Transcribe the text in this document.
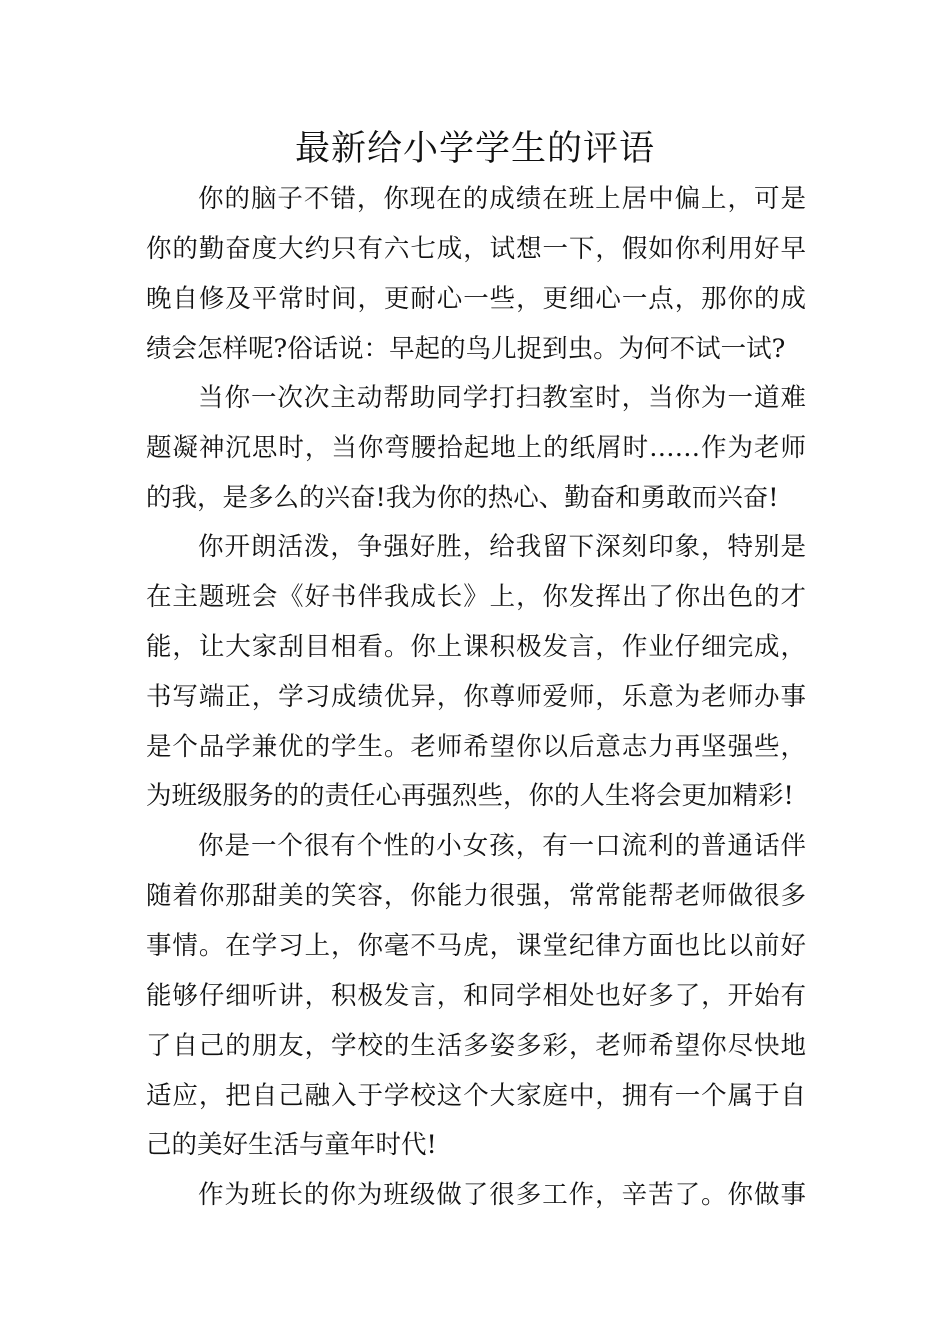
最新给小学学生的评语
你的脑子不错，你现在的成绩在班上居中偏上，可是
你的勤奋度大约只有六七成，试想一下，假如你利用好早
晚自修及平常时间，更耐心一些，更细心一点，那你的成
绩会怎样呢?俗话说：早起的鸟儿捉到虫。为何不试一试?
当你一次次主动帮助同学打扫教室时，当你为一道难
题凝神沉思时，当你弯腰拾起地上的纸屑时……作为老师
的我，是多么的兴奋!我为你的热心、勤奋和勇敢而兴奋!
你开朗活泼，争强好胜，给我留下深刻印象，特别是
在主题班会《好书伴我成长》上，你发挥出了你出色的才
能，让大家刮目相看。你上课积极发言，作业仔细完成，
书写端正，学习成绩优异，你尊师爱师，乐意为老师办事
是个品学兼优的学生。老师希望你以后意志力再坚强些，
为班级服务的的责任心再强烈些，你的人生将会更加精彩!
你是一个很有个性的小女孩，有一口流利的普通话伴
随着你那甜美的笑容，你能力很强，常常能帮老师做很多
事情。在学习上，你毫不马虎，课堂纪律方面也比以前好
能够仔细听讲，积极发言，和同学相处也好多了，开始有
了自己的朋友，学校的生活多姿多彩，老师希望你尽快地
适应，把自己融入于学校这个大家庭中，拥有一个属于自
己的美好生活与童年时代!
作为班长的你为班级做了很多工作，辛苦了。你做事
